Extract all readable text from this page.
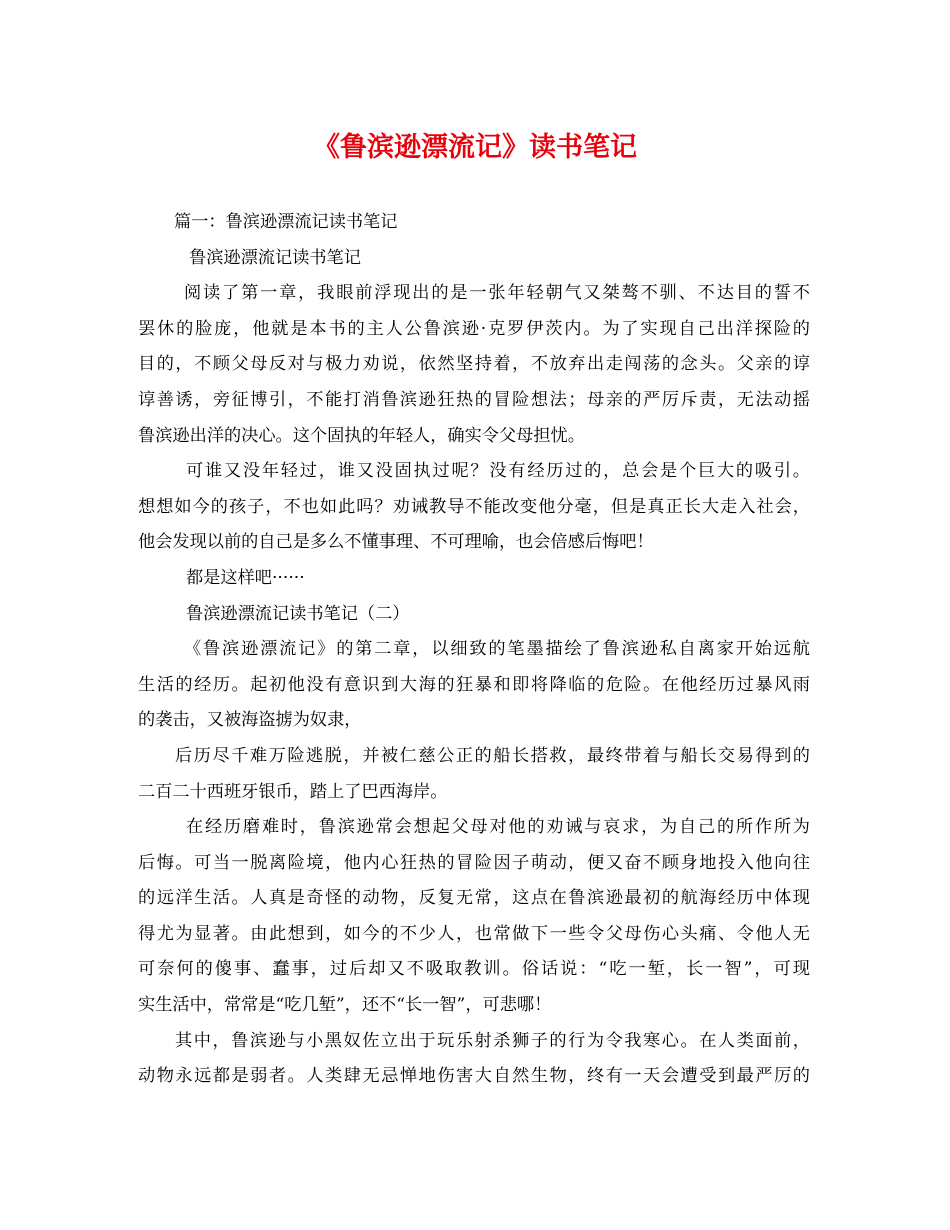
《鲁滨逊漂流记》读书笔记
篇一：鲁滨逊漂流记读书笔记
鲁滨逊漂流记读书笔记
阅读了第一章，我眼前浮现出的是一张年轻朝气又桀骜不驯、不达目的誓不
罢休的脸庞，他就是本书的主人公鲁滨逊·克罗伊茨内。为了实现自己出洋探险的
目的，不顾父母反对与极力劝说，依然坚持着，不放弃出走闯荡的念头。父亲的谆
谆善诱，旁征博引，不能打消鲁滨逊狂热的冒险想法；母亲的严厉斥责，无法动摇
鲁滨逊出洋的决心。这个固执的年轻人，确实令父母担忧。
可谁又没年轻过，谁又没固执过呢？没有经历过的，总会是个巨大的吸引。
想想如今的孩子，不也如此吗？劝诫教导不能改变他分毫，但是真正长大走入社会，
他会发现以前的自己是多么不懂事理、不可理喻，也会倍感后悔吧！
都是这样吧······
鲁滨逊漂流记读书笔记（二）
《鲁滨逊漂流记》的第二章，以细致的笔墨描绘了鲁滨逊私自离家开始远航
生活的经历。起初他没有意识到大海的狂暴和即将降临的危险。在他经历过暴风雨
的袭击，又被海盗掳为奴隶，
后历尽千难万险逃脱，并被仁慈公正的船长搭救，最终带着与船长交易得到的
二百二十西班牙银币，踏上了巴西海岸。
在经历磨难时，鲁滨逊常会想起父母对他的劝诫与哀求，为自己的所作所为
后悔。可当一脱离险境，他内心狂热的冒险因子萌动，便又奋不顾身地投入他向往
的远洋生活。人真是奇怪的动物，反复无常，这点在鲁滨逊最初的航海经历中体现
得尤为显著。由此想到，如今的不少人，也常做下一些令父母伤心头痛、令他人无
可奈何的傻事、蠢事，过后却又不吸取教训。俗话说：“吃一堑，长一智”，可现
实生活中，常常是“吃几堑”，还不“长一智”，可悲哪！
其中，鲁滨逊与小黑奴佐立出于玩乐射杀狮子的行为令我寒心。在人类面前，
动物永远都是弱者。人类肆无忌惮地伤害大自然生物，终有一天会遭受到最严厉的
